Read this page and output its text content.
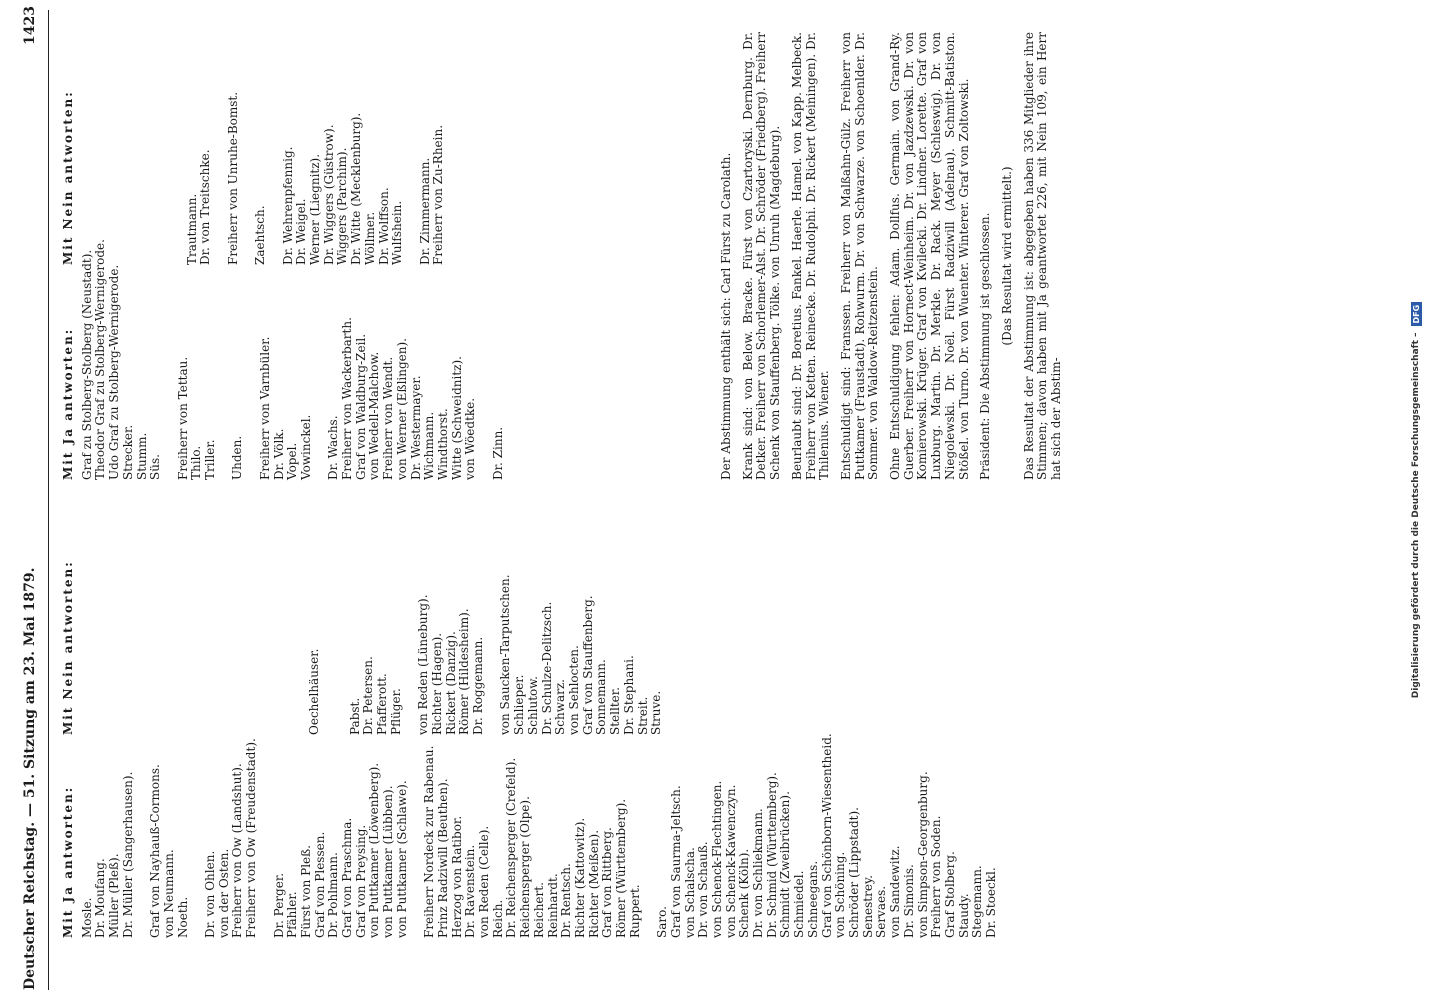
Deutscher Reichstag. — 51. Sitzung am 23. Mai 1879.
1423
Mit Ja antworten: Mosle. Dr. Moufang. Müller (Pleß). Dr. Müller (Sangerhausen). Graf von Nayhauß-Cormons. von Neumann. Noeth. Dr. von Ohlen. von der Osten. Freiherr von Ow (Landshut). Freiherr von Ow (Freudenstadt). Dr. Perger. Pfähler. Fürst von Pleß. Graf von Plessen. Dr. Pohlmann. Graf von Praschma. Graf von Preysing. von Puttkamer (Löwenberg). von Puttkamer (Lübben). von Puttkamer (Schlawe). Freiherr Nordeck zur Rabenau. Prinz Radziwill (Beuthen). Herzog von Ratibor. Dr. Ravenstein. von Reden (Celle). Reich. Dr. Reichensperger (Crefeld). Reichensperger (Olpe). Reichert. Reinhardt. Dr. Rentsch. Richter (Kattowitz). Richter (Meißen). Graf von Rittberg. Römer (Württemberg). Ruppert. Saro. Graf von Saurma-Jeltsch. von Schalscha. Dr. von Schauß. von Schenck-Flechtingen. von Schenck-Kawenczyn. Schenk (Köln). Dr. von Schliekmann. Dr. Schmid (Württemberg). Schmidt (Zweibrücken). Schmiedel. Schneegans. Graf von Schönborn-Wiesentheid. von Schöning. Schröder (Lippstadt). Senestrey. Servaes. von Sandewitz. Dr. Simonis. von Simpson-Georgenburg. Freiherr von Soden. Graf Stolberg. Staudy. Stegemann. Dr. Stoeckl.
Mit Nein antworten:	Oechelhäuser. Pabst. Dr. Petersen. Pfafferott. Pflüger. von Reden (Lüneburg). Richter (Hagen). Rickert (Danzig). Römer (Hildesheim). Dr. Roggemann. von Saucken-Tarputschen. Schlieper. Schlutow. Dr. Schulze-Delitzsch. Schwarz. von Sehlocten. Graf von Stauffenberg. Sonnemann. Stellter. Dr. Stephani. Streit. Struve.
Mit Ja antworten: Graf zu Stolberg-Stolberg (Neustadt). Theodor Graf zu Stolberg-Wernigerode. Udo Graf zu Stolberg-Wernigerode. Strecker. Stumm. Süs. Freiherr von Tettau. Thilo. Triller. Uhden. Freiherr von Varnbüler. Dr. Völk. Vopel. Vowinckel. Dr. Wachs. Freiherr von Wackerbarth. Graf von Waldburg-Zeil. von Wedell-Malchow. Freiherr von Wendt. von Werner (Eßlingen). Dr. Westermayer. Wichmann. Windthorst. Witte (Schweidnitz). von Wöedtke. Dr. Zinn.
Mit Nein antworten:	Trautmann. Dr. von Treitschke. Freiherr von Unruhe-Bomst. Zaehtsch. Dr. Wehrenpfennig. Dr. Weigel. Werner (Liegnitz). Dr. Wiggers (Güstrow). Wiggers (Parchim). Dr. Witte (Mecklenburg). Wöllmer. Dr. Wolffson. Wulfshein. Dr. Zimmermann. Freiherr von Zu-Rhein.	Der Abstimmung enthält sich: Carl Fürst zu Carolath. Krank sind: von Below. Bracke. Fürst von Czartoryski. Dernburg. Dr. Detker. Freiherr von Schorlemer-Alst. Dr. Schröder (Friedberg). Freiherr Schenk von Stauffenberg. Tölke. von Unruh (Magdeburg). Beurlaubt sind: Dr. Boretius. Fankel. Haerle. Hamel. von Kapp. Melbeck. Freiherr von Ketten. Reinecke. Dr. Rudolphi. Dr. Rickert (Meiningen). Dr. Thilenius. Wiener. Entschuldigt sind: Franssen. Freiherr von Malßahn-Gülz. Freiherr von Puttkamer (Fraustadt). Rohwurm. Dr. von Schwarze. von Schoenlder. Dr. Sommer. von Waldow-Reitzenstein. Ohne Entschuldigung fehlen: Adam. Dollfus. Germain. von Grand-Ry. Guerber. Freiherr von Hornect-Weinheim. Dr. von Jazdzewski. Dr. von Komierowski. Krüger. Graf von Kwilecki. Dr. Lindner. Lorette. Graf von Luxburg. Martin. Dr. Merkle. Dr. Rack. Meyer (Schleswig). Dr. von Niegolewski. Dr. Noël. Fürst Radziwill (Adelnau). Schmitt-Batiston. Stößel. von Turno. Dr. von Wuenter. Winterer. Graf von Zoltowski. Präsident: Die Abstimmung ist geschlossen. (Das Resultat wird ermittelt.) Das Resultat der Abstimmung ist: abgegeben haben 336 Mitglieder ihre Stimmen; davon haben mit Ja geantwortet 226, mit Nein 109, ein Herr hat sich der Abstim-	Digitalisierung gefördert durch die Deutsche Forschungsgemeinschaft –
DFG
